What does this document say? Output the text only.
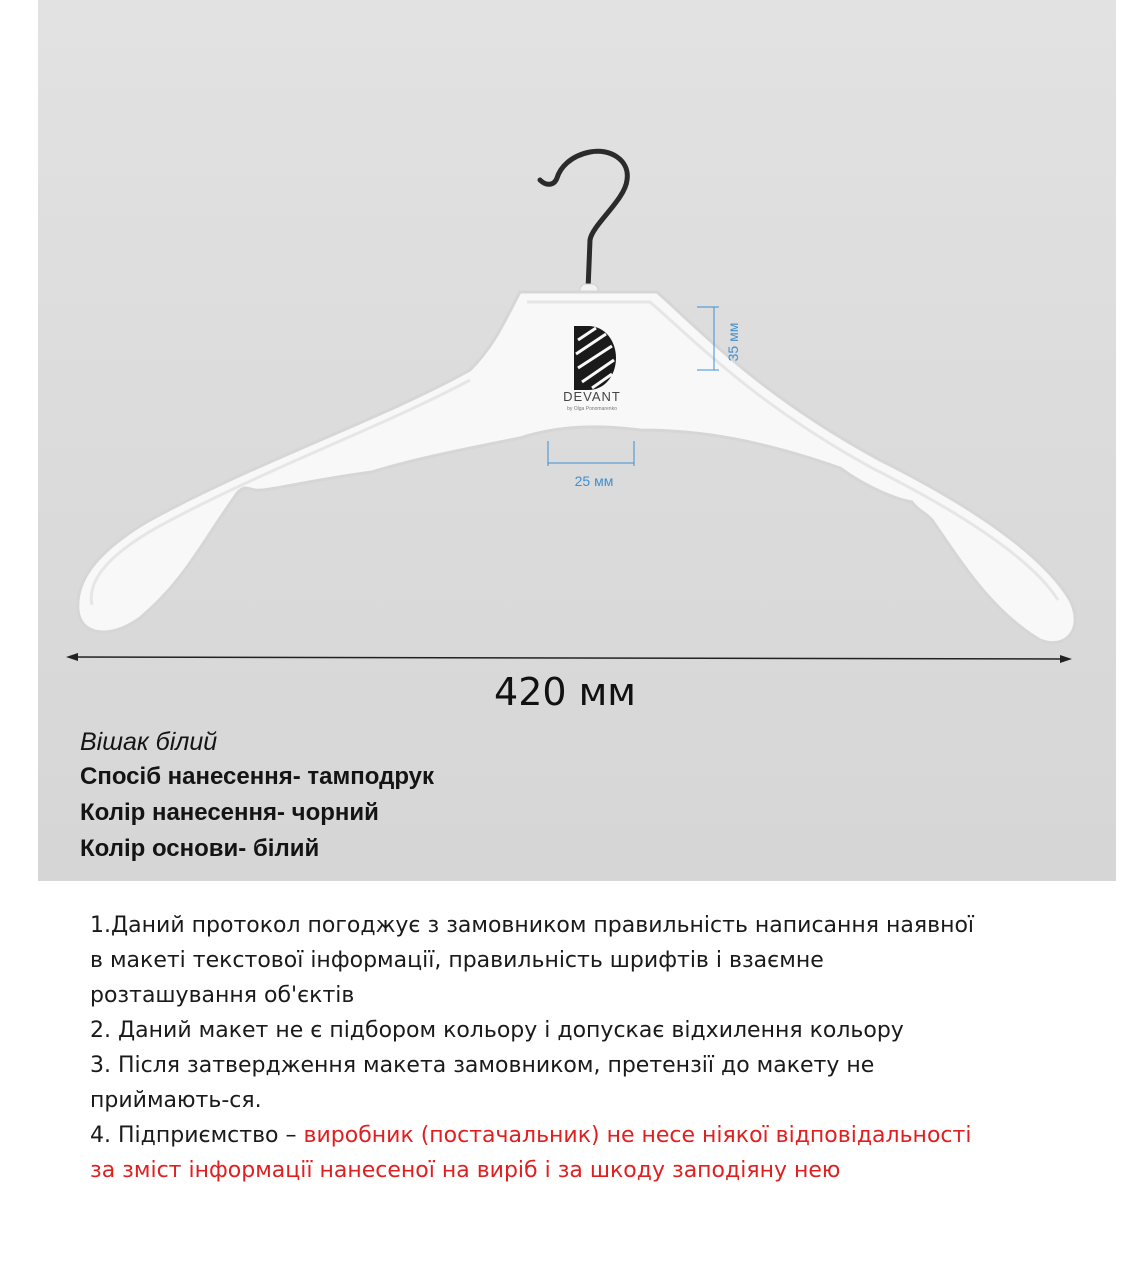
DEVANT
by Olga Ponomarenko
35 мм
25 мм
420 мм

Вішак білий

Спосіб нанесення- тамподрук

Колір нанесення- чорний

Колір основи- білий

1.Даний протокол погоджує з замовником правильність написання наявної в макеті текстової інформації, правильність шрифтів і взаємне розташування об'єктів

2. Даний макет не є підбором кольору і допускає відхилення кольору

3. Після затвердження макета замовником, претензії до макету не приймають-ся.

4. Підприємство – виробник (постачальник) не несе ніякої відповідальності за зміст інформації нанесеної на виріб і за шкоду заподіяну нею
